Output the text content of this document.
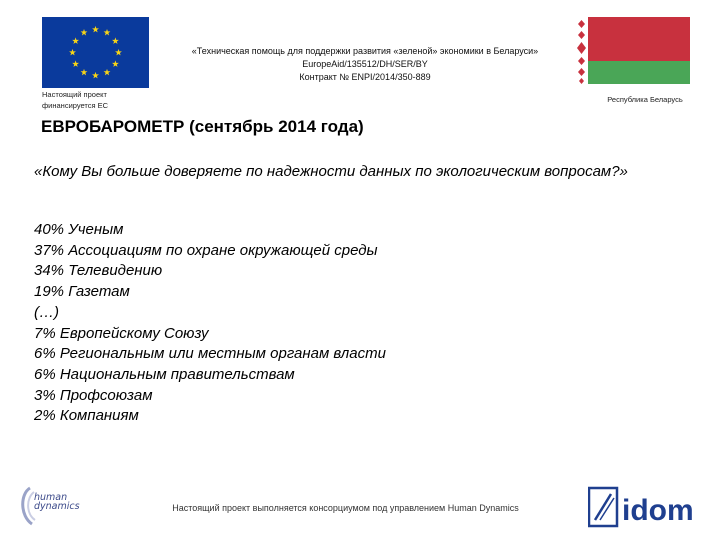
Настоящий проект
финансируется ЕС
«Техническая помощь для поддержки развития «зеленой» экономики в Беларуси»
EuropeAid/135512/DH/SER/BY
Контракт № ENPI/2014/350-889
Республика Беларусь
ЕВРОБАРОМЕТР (сентябрь 2014 года)
«Кому Вы больше доверяете по надежности данных по экологическим вопросам?»
40% Ученым
37% Ассоциациям по охране окружающей среды
34% Телевидению
19% Газетам
(…)
7% Европейскому Союзу
6% Региональным или местным органам власти
6% Национальным правительствам
3% Профсоюзам
2% Компаниям
human
dynamics	Настоящий проект выполняется консорциумом под управлением Human Dynamics	idom
